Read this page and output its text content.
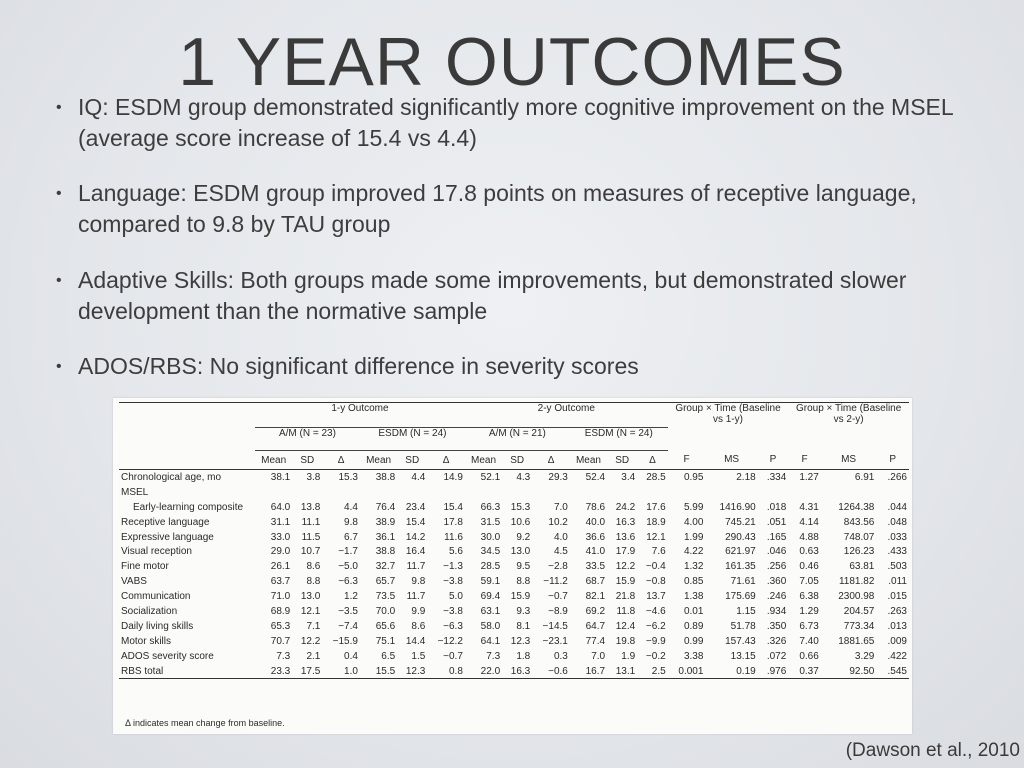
1 YEAR OUTCOMES
• IQ: ESDM group demonstrated significantly more cognitive improvement on the MSEL (average score increase of 15.4 vs 4.4)
• Language: ESDM group improved 17.8 points on measures of receptive language, compared to 9.8 by TAU group
• Adaptive Skills: Both groups made some improvements, but demonstrated slower development than the normative sample
• ADOS/RBS: No significant difference in severity scores
	1-y Outcome						2-y Outcome						Group × Time (Baseline vs 1-y)			Group × Time (Baseline vs 2-y)		
	A/M (N = 23)			ESDM (N = 24)			A/M (N = 21)			ESDM (N = 24)								
	Mean	SD	Δ	Mean	SD	Δ	Mean	SD	Δ	Mean	SD	Δ	F	MS	P	F	MS	P
Chronological age, mo	38.1	3.8	15.3	38.8	4.4	14.9	52.1	4.3	29.3	52.4	3.4	28.5	0.95	2.18	.334	1.27	6.91	.266
MSEL																		
Early-learning composite	64.0	13.8	4.4	76.4	23.4	15.4	66.3	15.3	7.0	78.6	24.2	17.6	5.99	1416.90	.018	4.31	1264.38	.044
Receptive language	31.1	11.1	9.8	38.9	15.4	17.8	31.5	10.6	10.2	40.0	16.3	18.9	4.00	745.21	.051	4.14	843.56	.048
Expressive language	33.0	11.5	6.7	36.1	14.2	11.6	30.0	9.2	4.0	36.6	13.6	12.1	1.99	290.43	.165	4.88	748.07	.033
Visual reception	29.0	10.7	−1.7	38.8	16.4	5.6	34.5	13.0	4.5	41.0	17.9	7.6	4.22	621.97	.046	0.63	126.23	.433
Fine motor	26.1	8.6	−5.0	32.7	11.7	−1.3	28.5	9.5	−2.8	33.5	12.2	−0.4	1.32	161.35	.256	0.46	63.81	.503
VABS	63.7	8.8	−6.3	65.7	9.8	−3.8	59.1	8.8	−11.2	68.7	15.9	−0.8	0.85	71.61	.360	7.05	1181.82	.011
Communication	71.0	13.0	1.2	73.5	11.7	5.0	69.4	15.9	−0.7	82.1	21.8	13.7	1.38	175.69	.246	6.38	2300.98	.015
Socialization	68.9	12.1	−3.5	70.0	9.9	−3.8	63.1	9.3	−8.9	69.2	11.8	−4.6	0.01	1.15	.934	1.29	204.57	.263
Daily living skills	65.3	7.1	−7.4	65.6	8.6	−6.3	58.0	8.1	−14.5	64.7	12.4	−6.2	0.89	51.78	.350	6.73	773.34	.013
Motor skills	70.7	12.2	−15.9	75.1	14.4	−12.2	64.1	12.3	−23.1	77.4	19.8	−9.9	0.99	157.43	.326	7.40	1881.65	.009
ADOS severity score	7.3	2.1	0.4	6.5	1.5	−0.7	7.3	1.8	0.3	7.0	1.9	−0.2	3.38	13.15	.072	0.66	3.29	.422
RBS total	23.3	17.5	1.0	15.5	12.3	0.8	22.0	16.3	−0.6	16.7	13.1	2.5	0.001	0.19	.976	0.37	92.50	.545
Δ indicates mean change from baseline.
(Dawson et al., 2010
